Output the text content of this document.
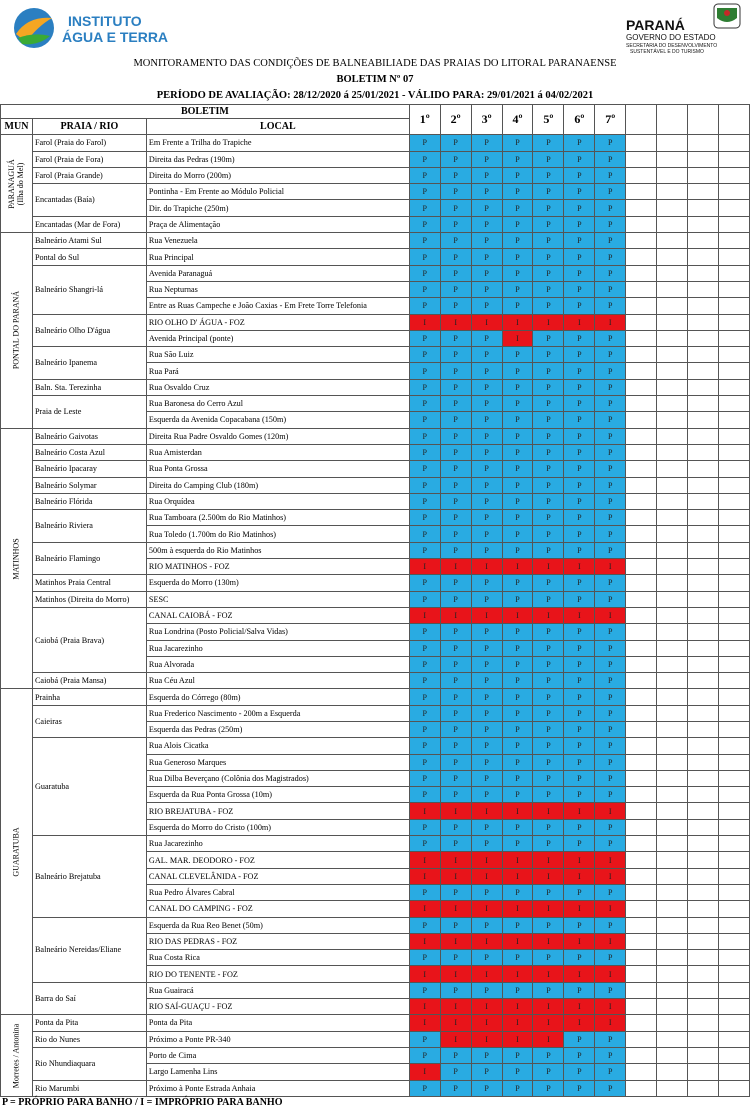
INSTITUTO
ÁGUA E TERRA
PARANÁ
GOVERNO DO ESTADO
SECRETARIA DO DESENVOLVIMENTO
SUSTENTÁVEL E DO TURISMO
MONITORAMENTO DAS CONDIÇÕES DE BALNEABILIADE DAS PRAIAS DO LITORAL PARANAENSE
BOLETIM Nº 07
PERÍODO DE AVALIAÇÃO: 28/12/2020 á 25/01/2021 - VÁLIDO PARA: 29/01/2021 á 04/02/2021
BOLETIM			1º	2º	3º	4º	5º	6º	7º				
MUN	PRAIA / RIO	LOCAL											

PARANAGUÁ (Ilha do Mel)	Farol (Praia do Farol)	Em Frente a Trilha do Trapiche	P	P	P	P	P	P	P				
	Farol (Praia de Fora)	Direita das Pedras (190m)	P	P	P	P	P	P	P				
	Farol (Praia Grande)	Direita do Morro (200m)	P	P	P	P	P	P	P				
	Encantadas (Baía)	Pontinha - Em Frente ao Módulo Policial	P	P	P	P	P	P	P				
		Dir. do Trapiche (250m)	P	P	P	P	P	P	P				
	Encantadas (Mar de Fora)	Praça de Alimentação	P	P	P	P	P	P	P				

PONTAL DO PARANÁ	Balneário Atami Sul	Rua Venezuela	P	P	P	P	P	P	P				
	Pontal do Sul	Rua Principal	P	P	P	P	P	P	P				
	Balneário Shangri-lá	Avenida Paranaguá	P	P	P	P	P	P	P				
		Rua Nepturnas	P	P	P	P	P	P	P				
		Entre as Ruas Campeche e João Caxias - Em Frete Torre Telefonia	P	P	P	P	P	P	P				
	Balneário Olho D'água	RIO OLHO D' ÁGUA - FOZ	I	I	I	I	I	I	I				
		Avenida Principal (ponte)	P	P	P	I	P	P	P				
	Balneário Ipanema	Rua São Luiz	P	P	P	P	P	P	P				
		Rua Pará	P	P	P	P	P	P	P				
	Baln. Sta. Terezinha	Rua Osvaldo Cruz	P	P	P	P	P	P	P				
	Praia de Leste	Rua Baronesa do Cerro Azul	P	P	P	P	P	P	P				
		Esquerda da Avenida Copacabana (150m)	P	P	P	P	P	P	P				

MATINHOS	Balneário Gaivotas	Direita Rua Padre Osvaldo Gomes (120m)	P	P	P	P	P	P	P				
	Balneário Costa Azul	Rua Amisterdan	P	P	P	P	P	P	P				
	Balneário Ipacaray	Rua Ponta Grossa	P	P	P	P	P	P	P				
	Balneário Solymar	Direita do Camping Club (180m)	P	P	P	P	P	P	P				
	Balneário Flórida	Rua Orquídea	P	P	P	P	P	P	P				
	Balneário Riviera	Rua Tamboara (2.500m do Rio Matinhos)	P	P	P	P	P	P	P				
		Rua Toledo (1.700m do Rio Matinhos)	P	P	P	P	P	P	P				
	Balneário Flamingo	500m à esquerda do Rio Matinhos	P	P	P	P	P	P	P				
		RIO MATINHOS - FOZ	I	I	I	I	I	I	I				
	Matinhos Praia Central	Esquerda do Morro (130m)	P	P	P	P	P	P	P				
	Matinhos (Direita do Morro)	SESC	P	P	P	P	P	P	P				
	Caiobá (Praia Brava)	CANAL CAIOBÁ - FOZ	I	I	I	I	I	I	I				
		Rua Londrina (Posto Policial/Salva Vidas)	P	P	P	P	P	P	P				
		Rua Jacarezinho	P	P	P	P	P	P	P				
		Rua Alvorada	P	P	P	P	P	P	P				
	Caiobá (Praia Mansa)	Rua Céu Azul	P	P	P	P	P	P	P				

GUARATUBA	Prainha	Esquerda do Córrego (80m)	P	P	P	P	P	P	P				
	Caieiras	Rua Frederico Nascimento - 200m a Esquerda	P	P	P	P	P	P	P				
		Esquerda das Pedras (250m)	P	P	P	P	P	P	P				
	Guaratuba	Rua Alois Cicatka	P	P	P	P	P	P	P				
		Rua Generoso Marques	P	P	P	P	P	P	P				
		Rua Dilba Beverçano (Colônia dos Magistrados)	P	P	P	P	P	P	P				
		Esquerda da Rua Ponta Grossa (10m)	P	P	P	P	P	P	P				
		RIO BREJATUBA - FOZ	I	I	I	I	I	I	I				
		Esquerda do Morro do Cristo (100m)	P	P	P	P	P	P	P				
	Balneário Brejatuba	Rua Jacarezinho	P	P	P	P	P	P	P				
		GAL. MAR. DEODORO - FOZ	I	I	I	I	I	I	I				
		CANAL CLEVELÂNIDA - FOZ	I	I	I	I	I	I	I				
		Rua Pedro Álvares Cabral	P	P	P	P	P	P	P				
		CANAL DO CAMPING - FOZ	I	I	I	I	I	I	I				
	Balneário Nereidas/Eliane	Esquerda da Rua Reo Benet (50m)	P	P	P	P	P	P	P				
		RIO DAS PEDRAS - FOZ	I	I	I	I	I	I	I				
		Rua Costa Rica	P	P	P	P	P	P	P				
		RIO DO TENENTE - FOZ	I	I	I	I	I	I	I				
	Barra do Saí	Rua Guairacá	P	P	P	P	P	P	P				
		RIO SAÍ-GUAÇU - FOZ	I	I	I	I	I	I	I				

Morretes / Antonina	Ponta da Pita	Ponta da Pita	I	I	I	I	I	I	I				
	Rio do Nunes	Próximo a Ponte PR-340	P	I	I	I	I	P	P				
	Rio Nhundiaquara	Porto de Cima	P	P	P	P	P	P	P				
		Largo Lamenha Lins	I	P	P	P	P	P	P				
	Rio Marumbi	Próximo à Ponte Estrada Anhaia	P	P	P	P	P	P	P				
P = PRÓPRIO PARA BANHO / I = IMPRÓPRIO PARA BANHO
